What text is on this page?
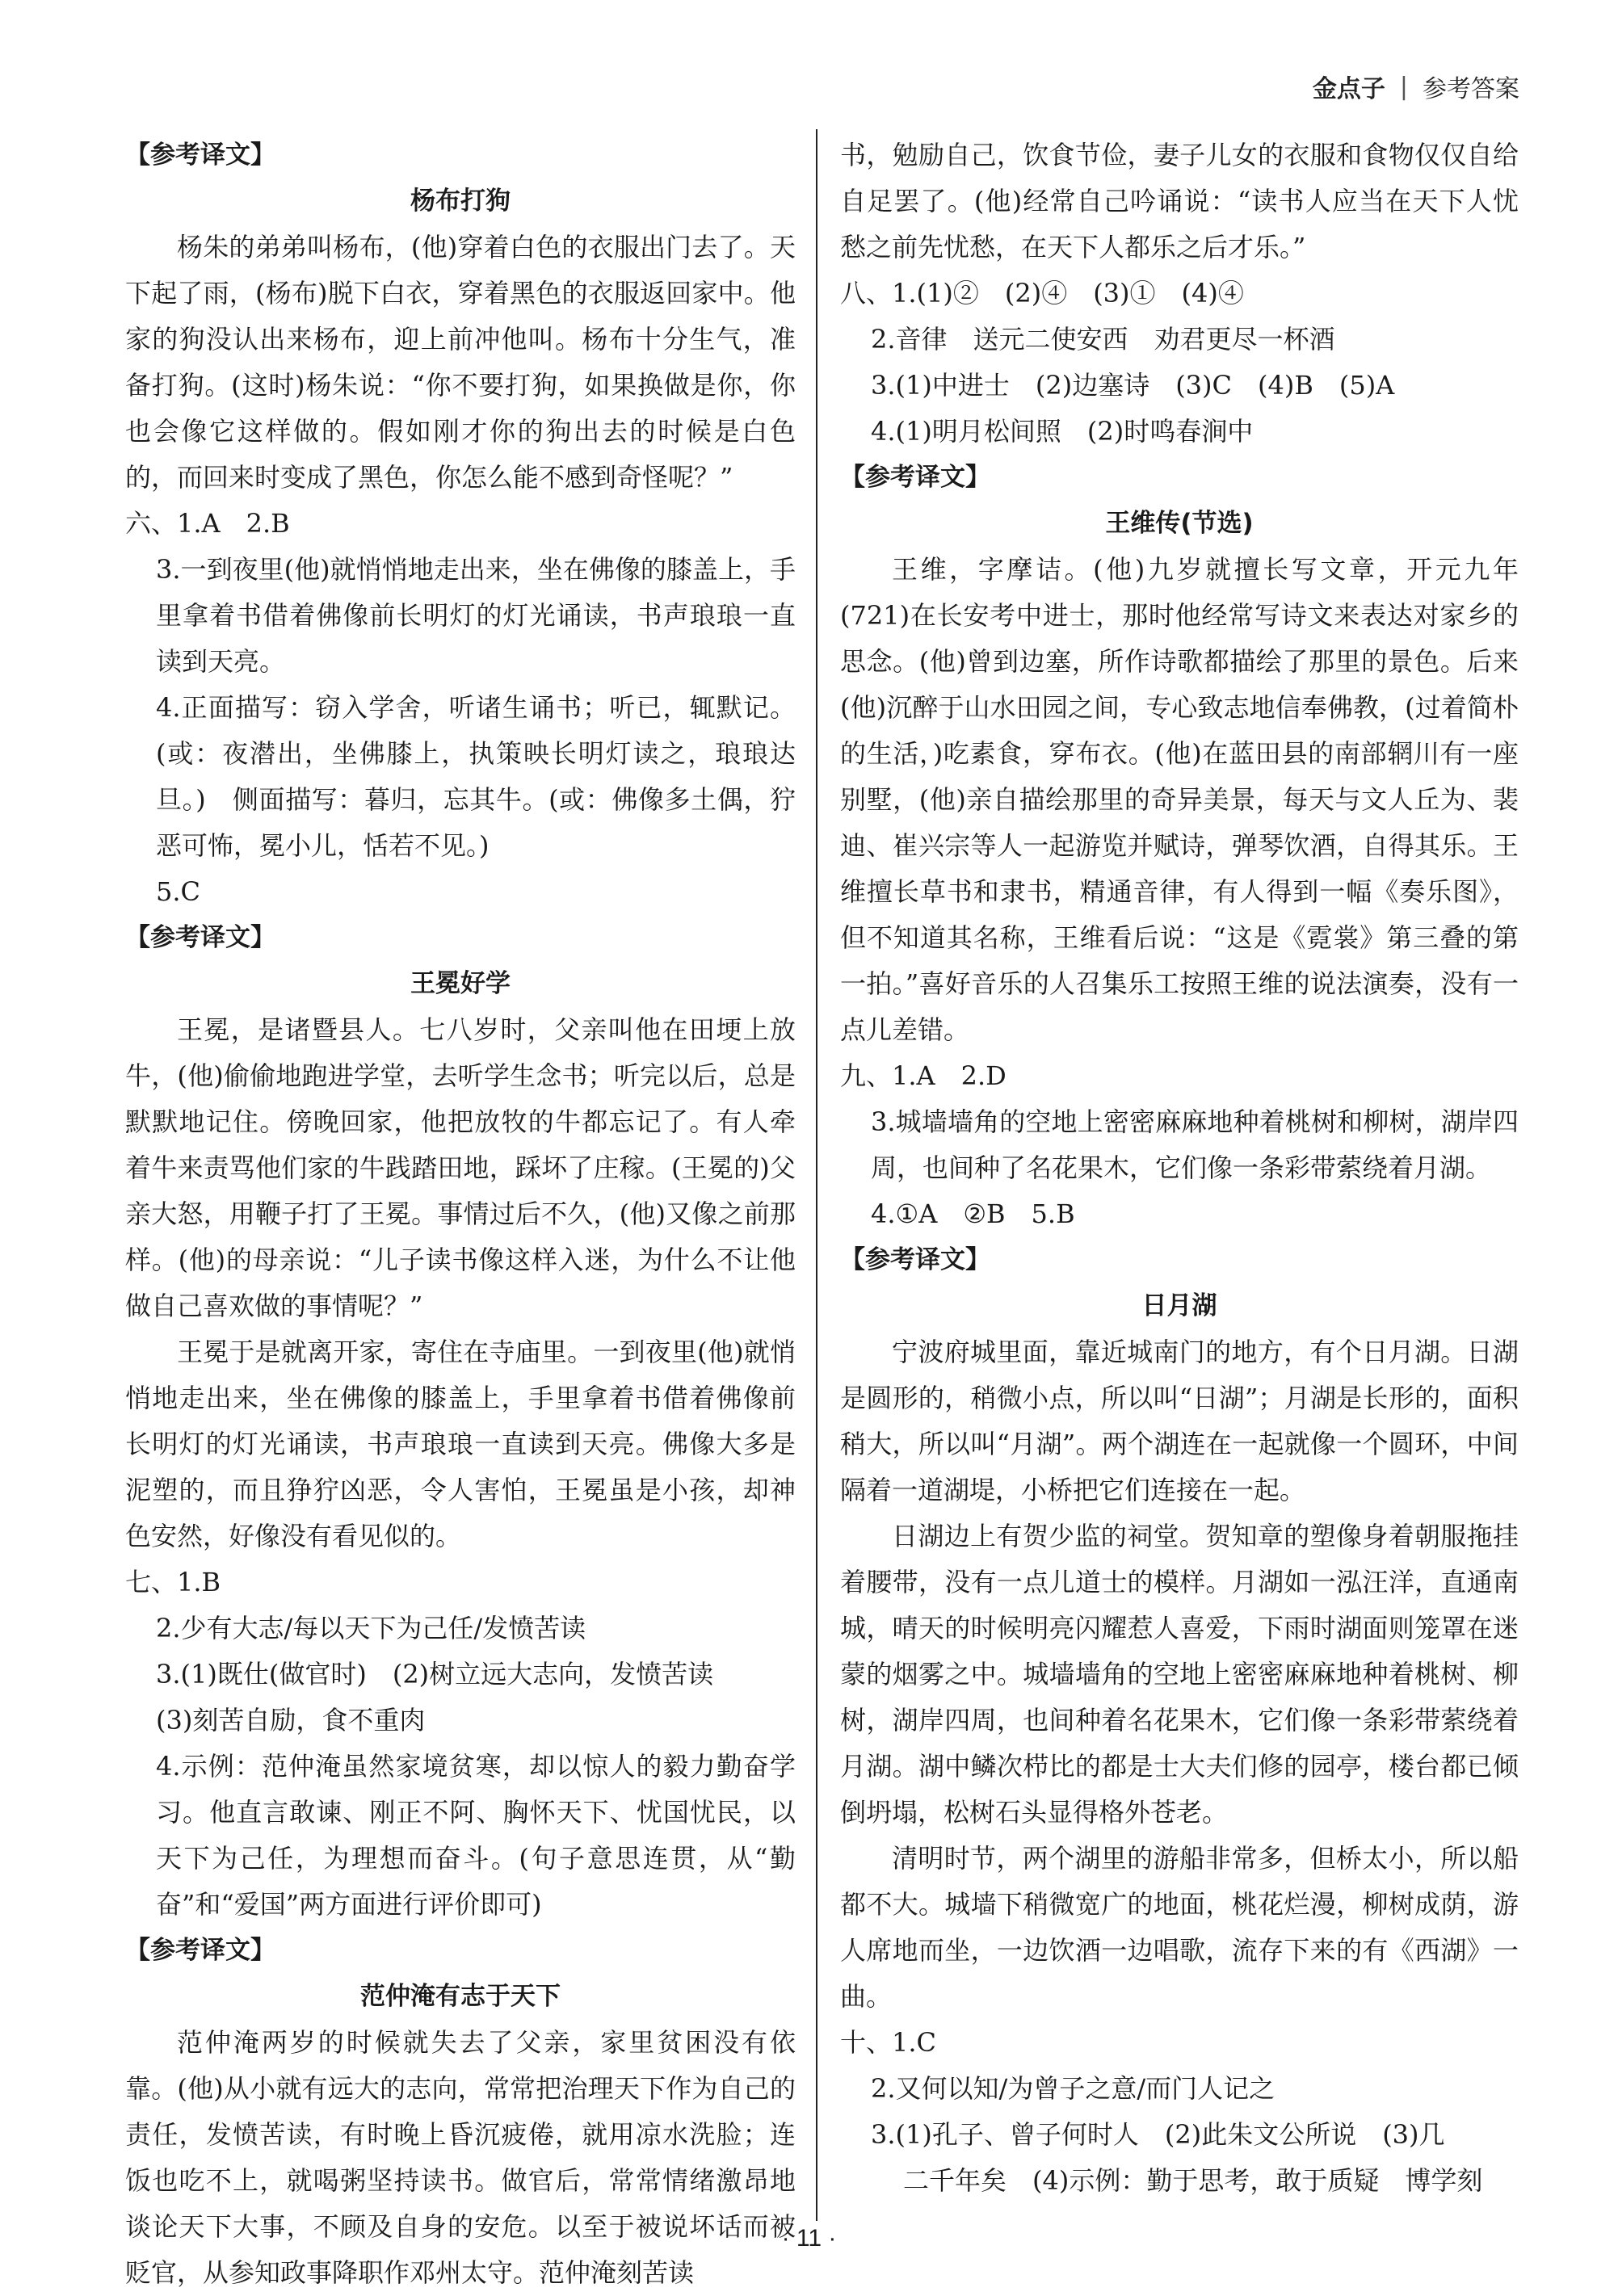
金点子 | 参考答案

【参考译文】

杨布打狗

杨朱的弟弟叫杨布，(他)穿着白色的衣服出门去了。天下起了雨，(杨布)脱下白衣，穿着黑色的衣服返回家中。他家的狗没认出来杨布，迎上前冲他叫。杨布十分生气，准备打狗。(这时)杨朱说：“你不要打狗，如果换做是你，你也会像它这样做的。假如刚才你的狗出去的时候是白色的，而回来时变成了黑色，你怎么能不感到奇怪呢？”

六、1.A　2.B

3.一到夜里(他)就悄悄地走出来，坐在佛像的膝盖上，手里拿着书借着佛像前长明灯的灯光诵读，书声琅琅一直读到天亮。

4.正面描写：窃入学舍，听诸生诵书；听已，辄默记。(或：夜潜出，坐佛膝上，执策映长明灯读之，琅琅达旦。)　侧面描写：暮归，忘其牛。(或：佛像多土偶，狞恶可怖，冕小儿，恬若不见。)

5.C

【参考译文】

王冕好学

王冕，是诸暨县人。七八岁时，父亲叫他在田埂上放牛，(他)偷偷地跑进学堂，去听学生念书；听完以后，总是默默地记住。傍晚回家，他把放牧的牛都忘记了。有人牵着牛来责骂他们家的牛践踏田地，踩坏了庄稼。(王冕的)父亲大怒，用鞭子打了王冕。事情过后不久，(他)又像之前那样。(他)的母亲说：“儿子读书像这样入迷，为什么不让他做自己喜欢做的事情呢？”

王冕于是就离开家，寄住在寺庙里。一到夜里(他)就悄悄地走出来，坐在佛像的膝盖上，手里拿着书借着佛像前长明灯的灯光诵读，书声琅琅一直读到天亮。佛像大多是泥塑的，而且狰狞凶恶，令人害怕，王冕虽是小孩，却神色安然，好像没有看见似的。

七、1.B

2.少有大志/每以天下为己任/发愤苦读

3.(1)既仕(做官时)　(2)树立远大志向，发愤苦读

(3)刻苦自励，食不重肉

4.示例：范仲淹虽然家境贫寒，却以惊人的毅力勤奋学习。他直言敢谏、刚正不阿、胸怀天下、忧国忧民，以天下为己任，为理想而奋斗。(句子意思连贯，从“勤奋”和“爱国”两方面进行评价即可)

【参考译文】

范仲淹有志于天下

范仲淹两岁的时候就失去了父亲，家里贫困没有依靠。(他)从小就有远大的志向，常常把治理天下作为自己的责任，发愤苦读，有时晚上昏沉疲倦，就用凉水洗脸；连饭也吃不上，就喝粥坚持读书。做官后，常常情绪激昂地谈论天下大事，不顾及自身的安危。以至于被说坏话而被贬官，从参知政事降职作邓州太守。范仲淹刻苦读

书，勉励自己，饮食节俭，妻子儿女的衣服和食物仅仅自给自足罢了。(他)经常自己吟诵说：“读书人应当在天下人忧愁之前先忧愁，在天下人都乐之后才乐。”

八、1.(1)②　(2)④　(3)①　(4)④

2.音律　送元二使安西　劝君更尽一杯酒

3.(1)中进士　(2)边塞诗　(3)C　(4)B　(5)A

4.(1)明月松间照　(2)时鸣春涧中

【参考译文】

王维传(节选)

王维，字摩诘。(他)九岁就擅长写文章，开元九年(721)在长安考中进士，那时他经常写诗文来表达对家乡的思念。(他)曾到边塞，所作诗歌都描绘了那里的景色。后来(他)沉醉于山水田园之间，专心致志地信奉佛教，(过着简朴的生活，)吃素食，穿布衣。(他)在蓝田县的南部辋川有一座别墅，(他)亲自描绘那里的奇异美景，每天与文人丘为、裴迪、崔兴宗等人一起游览并赋诗，弹琴饮酒，自得其乐。王维擅长草书和隶书，精通音律，有人得到一幅《奏乐图》，但不知道其名称，王维看后说：“这是《霓裳》第三叠的第一拍。”喜好音乐的人召集乐工按照王维的说法演奏，没有一点儿差错。

九、1.A　2.D

3.城墙墙角的空地上密密麻麻地种着桃树和柳树，湖岸四周，也间种了名花果木，它们像一条彩带萦绕着月湖。

4.①A　②B　5.B

【参考译文】

日月湖

宁波府城里面，靠近城南门的地方，有个日月湖。日湖是圆形的，稍微小点，所以叫“日湖”；月湖是长形的，面积稍大，所以叫“月湖”。两个湖连在一起就像一个圆环，中间隔着一道湖堤，小桥把它们连接在一起。

日湖边上有贺少监的祠堂。贺知章的塑像身着朝服拖挂着腰带，没有一点儿道士的模样。月湖如一泓汪洋，直通南城，晴天的时候明亮闪耀惹人喜爱，下雨时湖面则笼罩在迷蒙的烟雾之中。城墙墙角的空地上密密麻麻地种着桃树、柳树，湖岸四周，也间种着名花果木，它们像一条彩带萦绕着月湖。湖中鳞次栉比的都是士大夫们修的园亭，楼台都已倾倒坍塌，松树石头显得格外苍老。

清明时节，两个湖里的游船非常多，但桥太小，所以船都不大。城墙下稍微宽广的地面，桃花烂漫，柳树成荫，游人席地而坐，一边饮酒一边唱歌，流存下来的有《西湖》一曲。

十、1.C

2.又何以知/为曾子之意/而门人记之

3.(1)孔子、曾子何时人　(2)此朱文公所说　(3)几

二千年矣　(4)示例：勤于思考，敢于质疑　博学刻

· 11 ·
